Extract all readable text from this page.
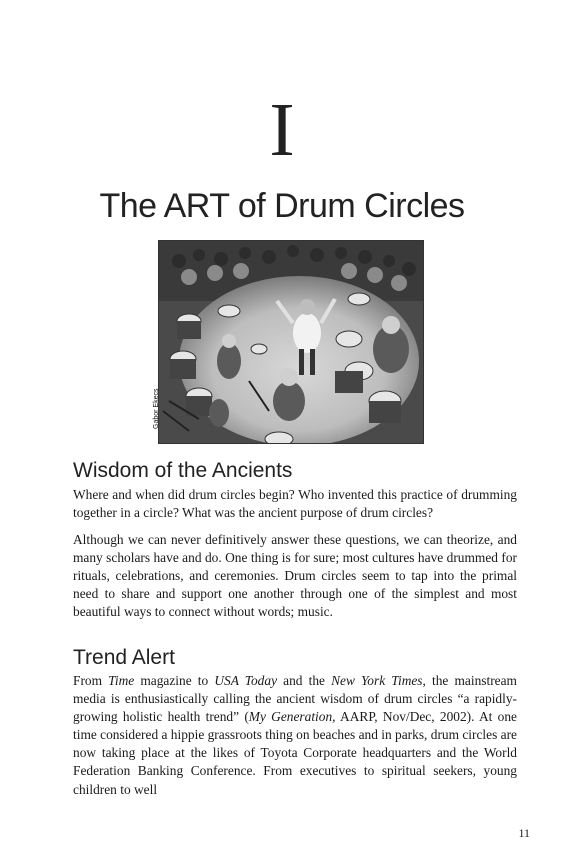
I
The ART of Drum Circles
Gabor Ekecs
Wisdom of the Ancients

Where and when did drum circles begin? Who invented this practice of drumming together in a circle? What was the ancient purpose of drum circles?

Although we can never definitively answer these questions, we can theorize, and many scholars have and do. One thing is for sure; most cultures have drummed for rituals, celebrations, and ceremonies. Drum circles seem to tap into the primal need to share and support one another through one of the simplest and most beautiful ways to connect without words; music.

Trend Alert

From Time magazine to USA Today and the New York Times, the mainstream media is enthusiastically calling the ancient wisdom of drum circles “a rapidly-growing holistic health trend” (My Generation, AARP, Nov/Dec, 2002). At one time considered a hippie grassroots thing on beaches and in parks, drum circles are now taking place at the likes of Toyota Corporate headquarters and the World Federation Banking Conference. From executives to spiritual seekers, young children to well

11
